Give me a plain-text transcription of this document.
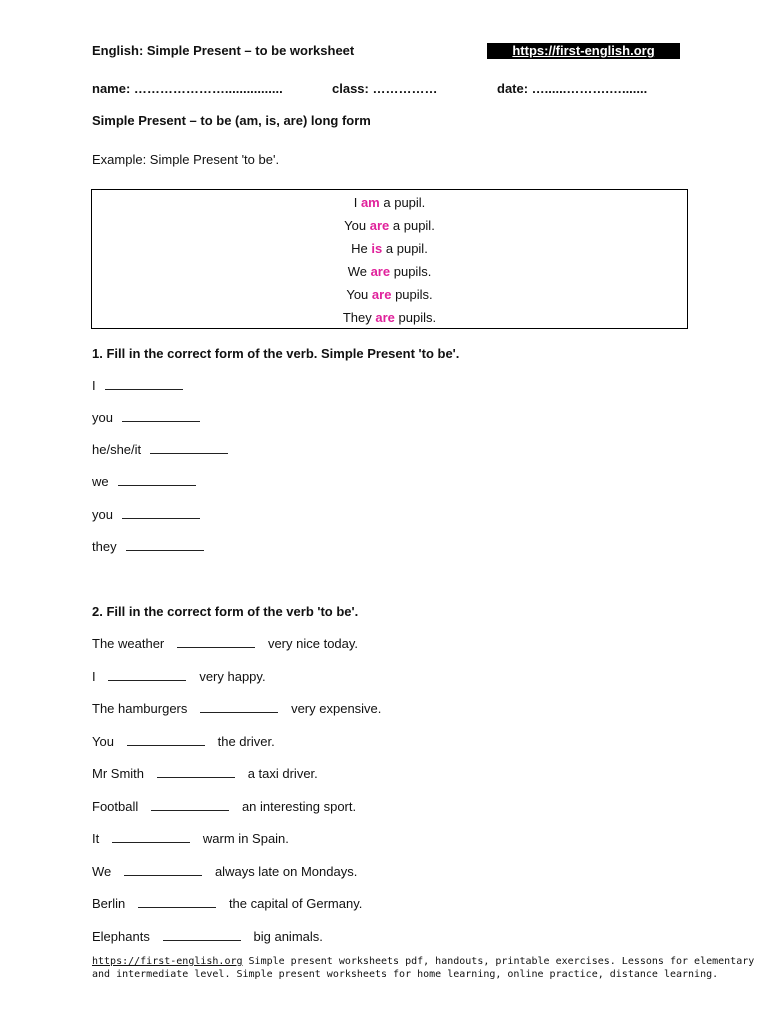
English: Simple Present – to be worksheet	https://first-english.org
name: …………………................	class: ……………	date: …......……….….......
Simple Present – to be (am, is, are) long form
Example: Simple Present 'to be'.
I am a pupil.
You are a pupil.
He is a pupil.
We are pupils.
You are pupils.
They are pupils.
1. Fill in the correct form of the verb. Simple Present 'to be'.
I
you
he/she/it
we
you
they
2. Fill in the correct form of the verb 'to be'.
The weather	very nice today.
I	very happy.
The hamburgers	very expensive.
You	the driver.
Mr Smith	a taxi driver.
Football	an interesting sport.
It	warm in Spain.
We	always late on Mondays.
Berlin	the capital of Germany.
Elephants	big animals.
https://first-english.org Simple present worksheets pdf, handouts, printable exercises. Lessons for elementary
and intermediate level. Simple present worksheets for home learning, online practice, distance learning.
